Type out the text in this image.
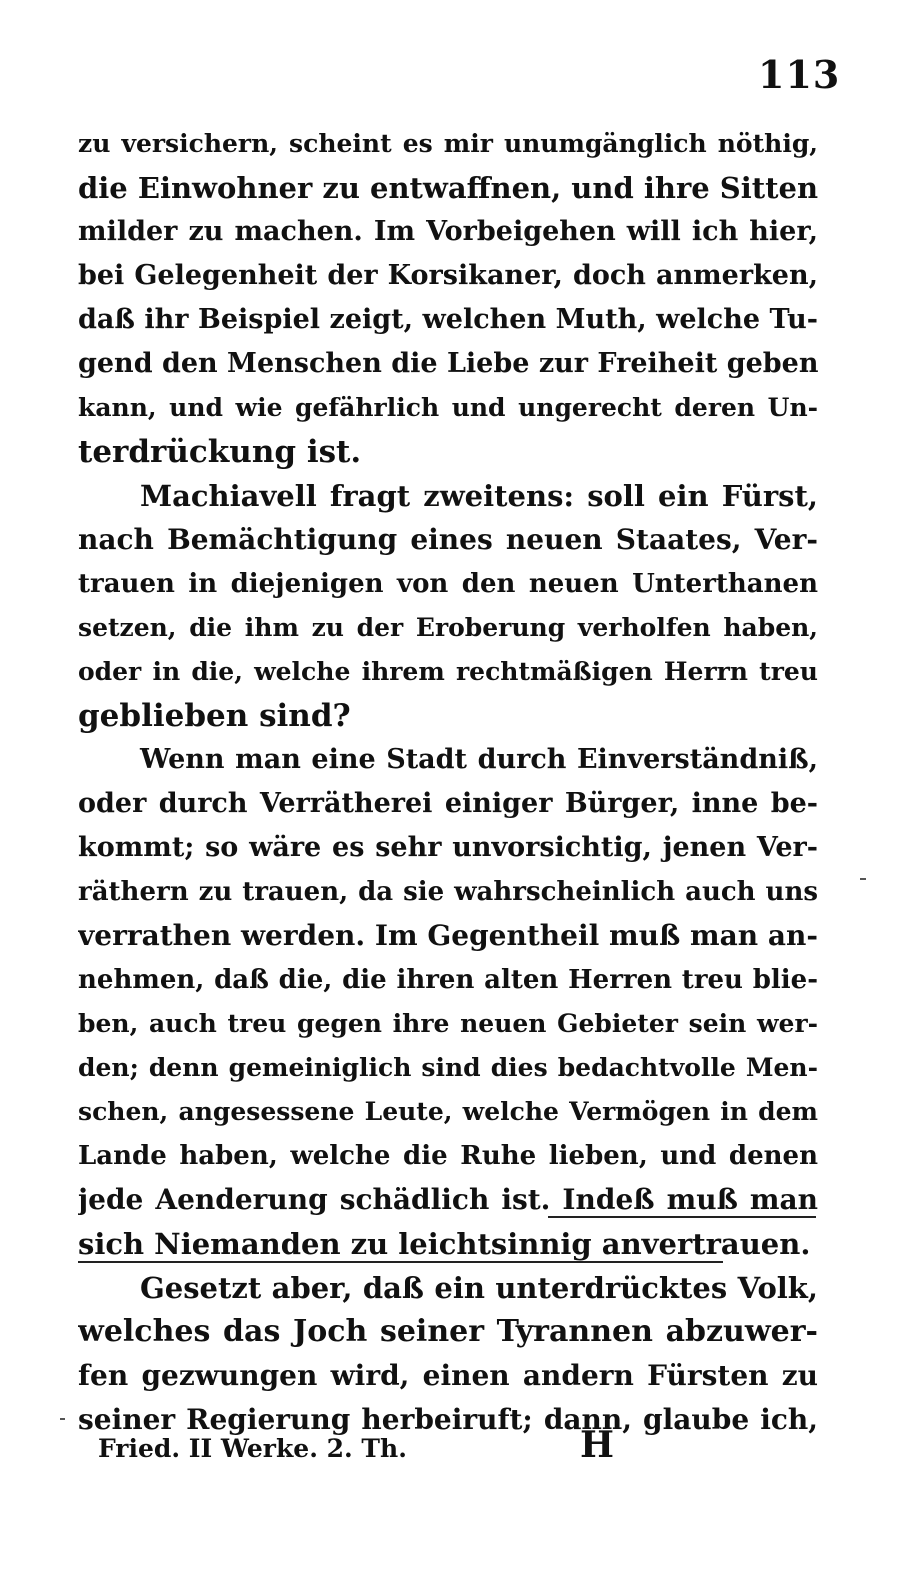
113
zu versichern, scheint es mir unumgänglich nöthig,
die Einwohner zu entwaffnen, und ihre Sitten
milder zu machen. Im Vorbeigehen will ich hier,
bei Gelegenheit der Korsikaner, doch anmerken,
daß ihr Beispiel zeigt, welchen Muth, welche Tu-
gend den Menschen die Liebe zur Freiheit geben
kann, und wie gefährlich und ungerecht deren Un-
terdrückung ist.
Machiavell fragt zweitens: soll ein Fürst,
nach Bemächtigung eines neuen Staates, Ver-
trauen in diejenigen von den neuen Unterthanen
setzen, die ihm zu der Eroberung verholfen haben,
oder in die, welche ihrem rechtmäßigen Herrn treu
geblieben sind?
Wenn man eine Stadt durch Einverständniß,
oder durch Verrätherei einiger Bürger, inne be-
kommt; so wäre es sehr unvorsichtig, jenen Ver-
räthern zu trauen, da sie wahrscheinlich auch uns
verrathen werden. Im Gegentheil muß man an-
nehmen, daß die, die ihren alten Herren treu blie-
ben, auch treu gegen ihre neuen Gebieter sein wer-
den; denn gemeiniglich sind dies bedachtvolle Men-
schen, angesessene Leute, welche Vermögen in dem
Lande haben, welche die Ruhe lieben, und denen
jede Aenderung schädlich ist. Indeß muß man
sich Niemanden zu leichtsinnig anvertrauen.
Gesetzt aber, daß ein unterdrücktes Volk,
welches das Joch seiner Tyrannen abzuwer-
fen gezwungen wird, einen andern Fürsten zu
seiner Regierung herbeiruft; dann, glaube ich,
Fried. II Werke. 2. Th.	H
